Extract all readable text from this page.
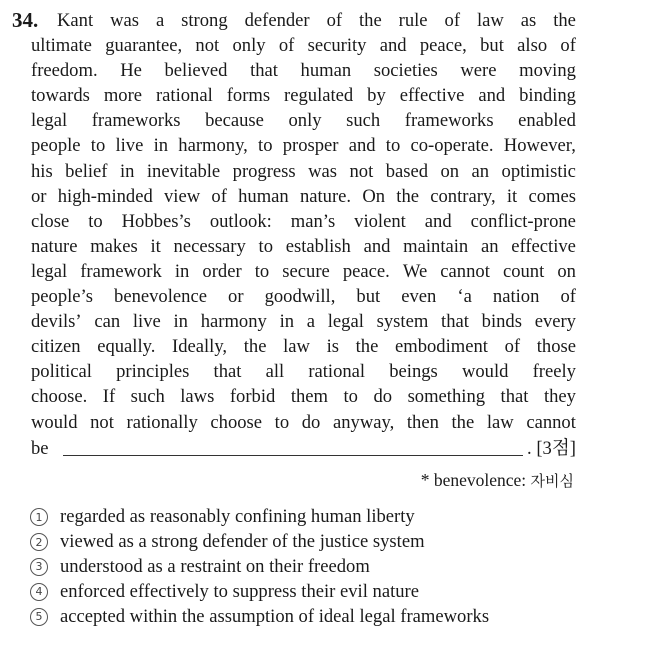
34. Kant was a strong defender of the rule of law as the
ultimate guarantee, not only of security and peace, but also of
freedom. He believed that human societies were moving
towards more rational forms regulated by effective and binding
legal frameworks because only such frameworks enabled
people to live in harmony, to prosper and to co-operate. However,
his belief in inevitable progress was not based on an optimistic
or high-minded view of human nature. On the contrary, it comes
close to Hobbes’s outlook: man’s violent and conflict-prone
nature makes it necessary to establish and maintain an effective
legal framework in order to secure peace. We cannot count on
people’s benevolence or goodwill, but even ‘a nation of
devils’ can live in harmony in a legal system that binds every
citizen equally. Ideally, the law is the embodiment of those
political principles that all rational beings would freely
choose. If such laws forbid them to do something that they
would not rationally choose to do anyway, then the law cannot
be	. [3점]
* benevolence: 자비심
1 regarded as reasonably confining human liberty
2 viewed as a strong defender of the justice system
3 understood as a restraint on their freedom
4 enforced effectively to suppress their evil nature
5 accepted within the assumption of ideal legal frameworks
